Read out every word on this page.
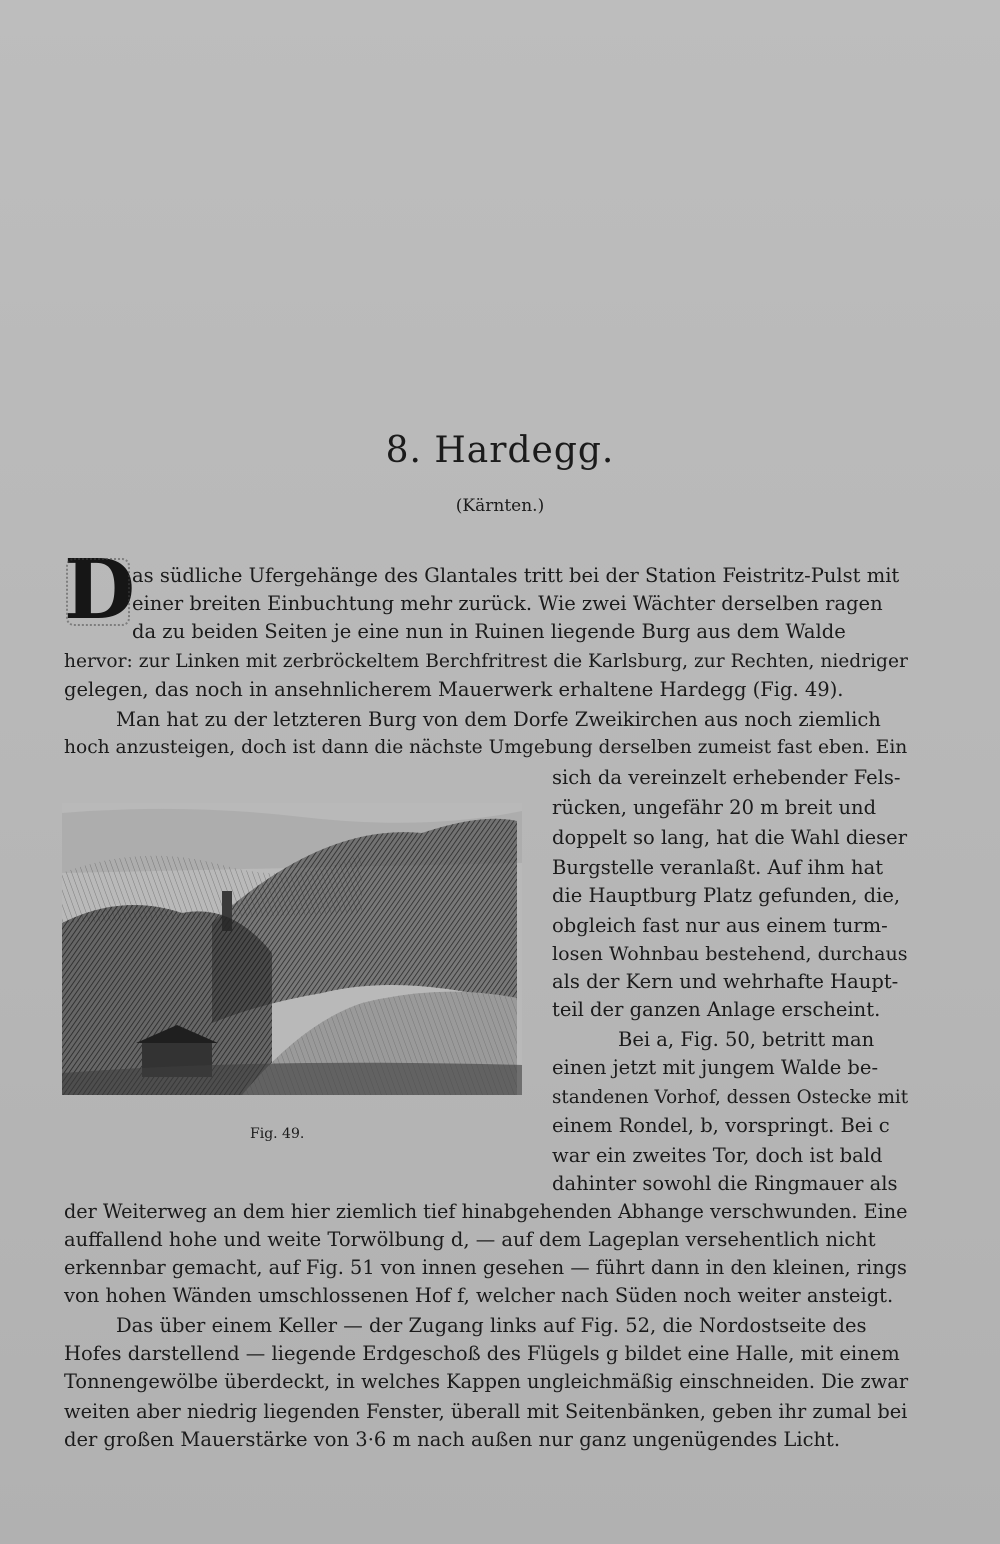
8. Hardegg.
(Kärnten.)
D
as südliche Ufergehänge des Glantales tritt bei der Station Feistritz-Pulst mit
einer breiten Einbuchtung mehr zurück. Wie zwei Wächter derselben ragen
da zu beiden Seiten je eine nun in Ruinen liegende Burg aus dem Walde
hervor: zur Linken mit zerbröckeltem Berchfritrest die Karlsburg, zur Rechten, niedriger
gelegen, das noch in ansehnlicherem Mauerwerk erhaltene Hardegg (Fig. 49).
Man hat zu der letzteren Burg von dem Dorfe Zweikirchen aus noch ziemlich
hoch anzusteigen, doch ist dann die nächste Umgebung derselben zumeist fast eben. Ein
sich da vereinzelt erhebender Fels-
rücken, ungefähr 20 m breit und
doppelt so lang, hat die Wahl dieser
Burgstelle veranlaßt. Auf ihm hat
die Hauptburg Platz gefunden, die,
obgleich fast nur aus einem turm-
losen Wohnbau bestehend, durchaus
als der Kern und wehrhafte Haupt-
teil der ganzen Anlage erscheint.
Bei a, Fig. 50, betritt man
einen jetzt mit jungem Walde be-
standenen Vorhof, dessen Ostecke mit
einem Rondel, b, vorspringt. Bei c
war ein zweites Tor, doch ist bald
dahinter sowohl die Ringmauer als
der Weiterweg an dem hier ziemlich tief hinabgehenden Abhange verschwunden. Eine
auffallend hohe und weite Torwölbung d, — auf dem Lageplan versehentlich nicht
erkennbar gemacht, auf Fig. 51 von innen gesehen — führt dann in den kleinen, rings
von hohen Wänden umschlossenen Hof f, welcher nach Süden noch weiter ansteigt.
Das über einem Keller — der Zugang links auf Fig. 52, die Nordostseite des
Hofes darstellend — liegende Erdgeschoß des Flügels g bildet eine Halle, mit einem
Tonnengewölbe überdeckt, in welches Kappen ungleichmäßig einschneiden. Die zwar
weiten aber niedrig liegenden Fenster, überall mit Seitenbänken, geben ihr zumal bei
der großen Mauerstärke von 3·6 m nach außen nur ganz ungenügendes Licht.
Fig. 49.
